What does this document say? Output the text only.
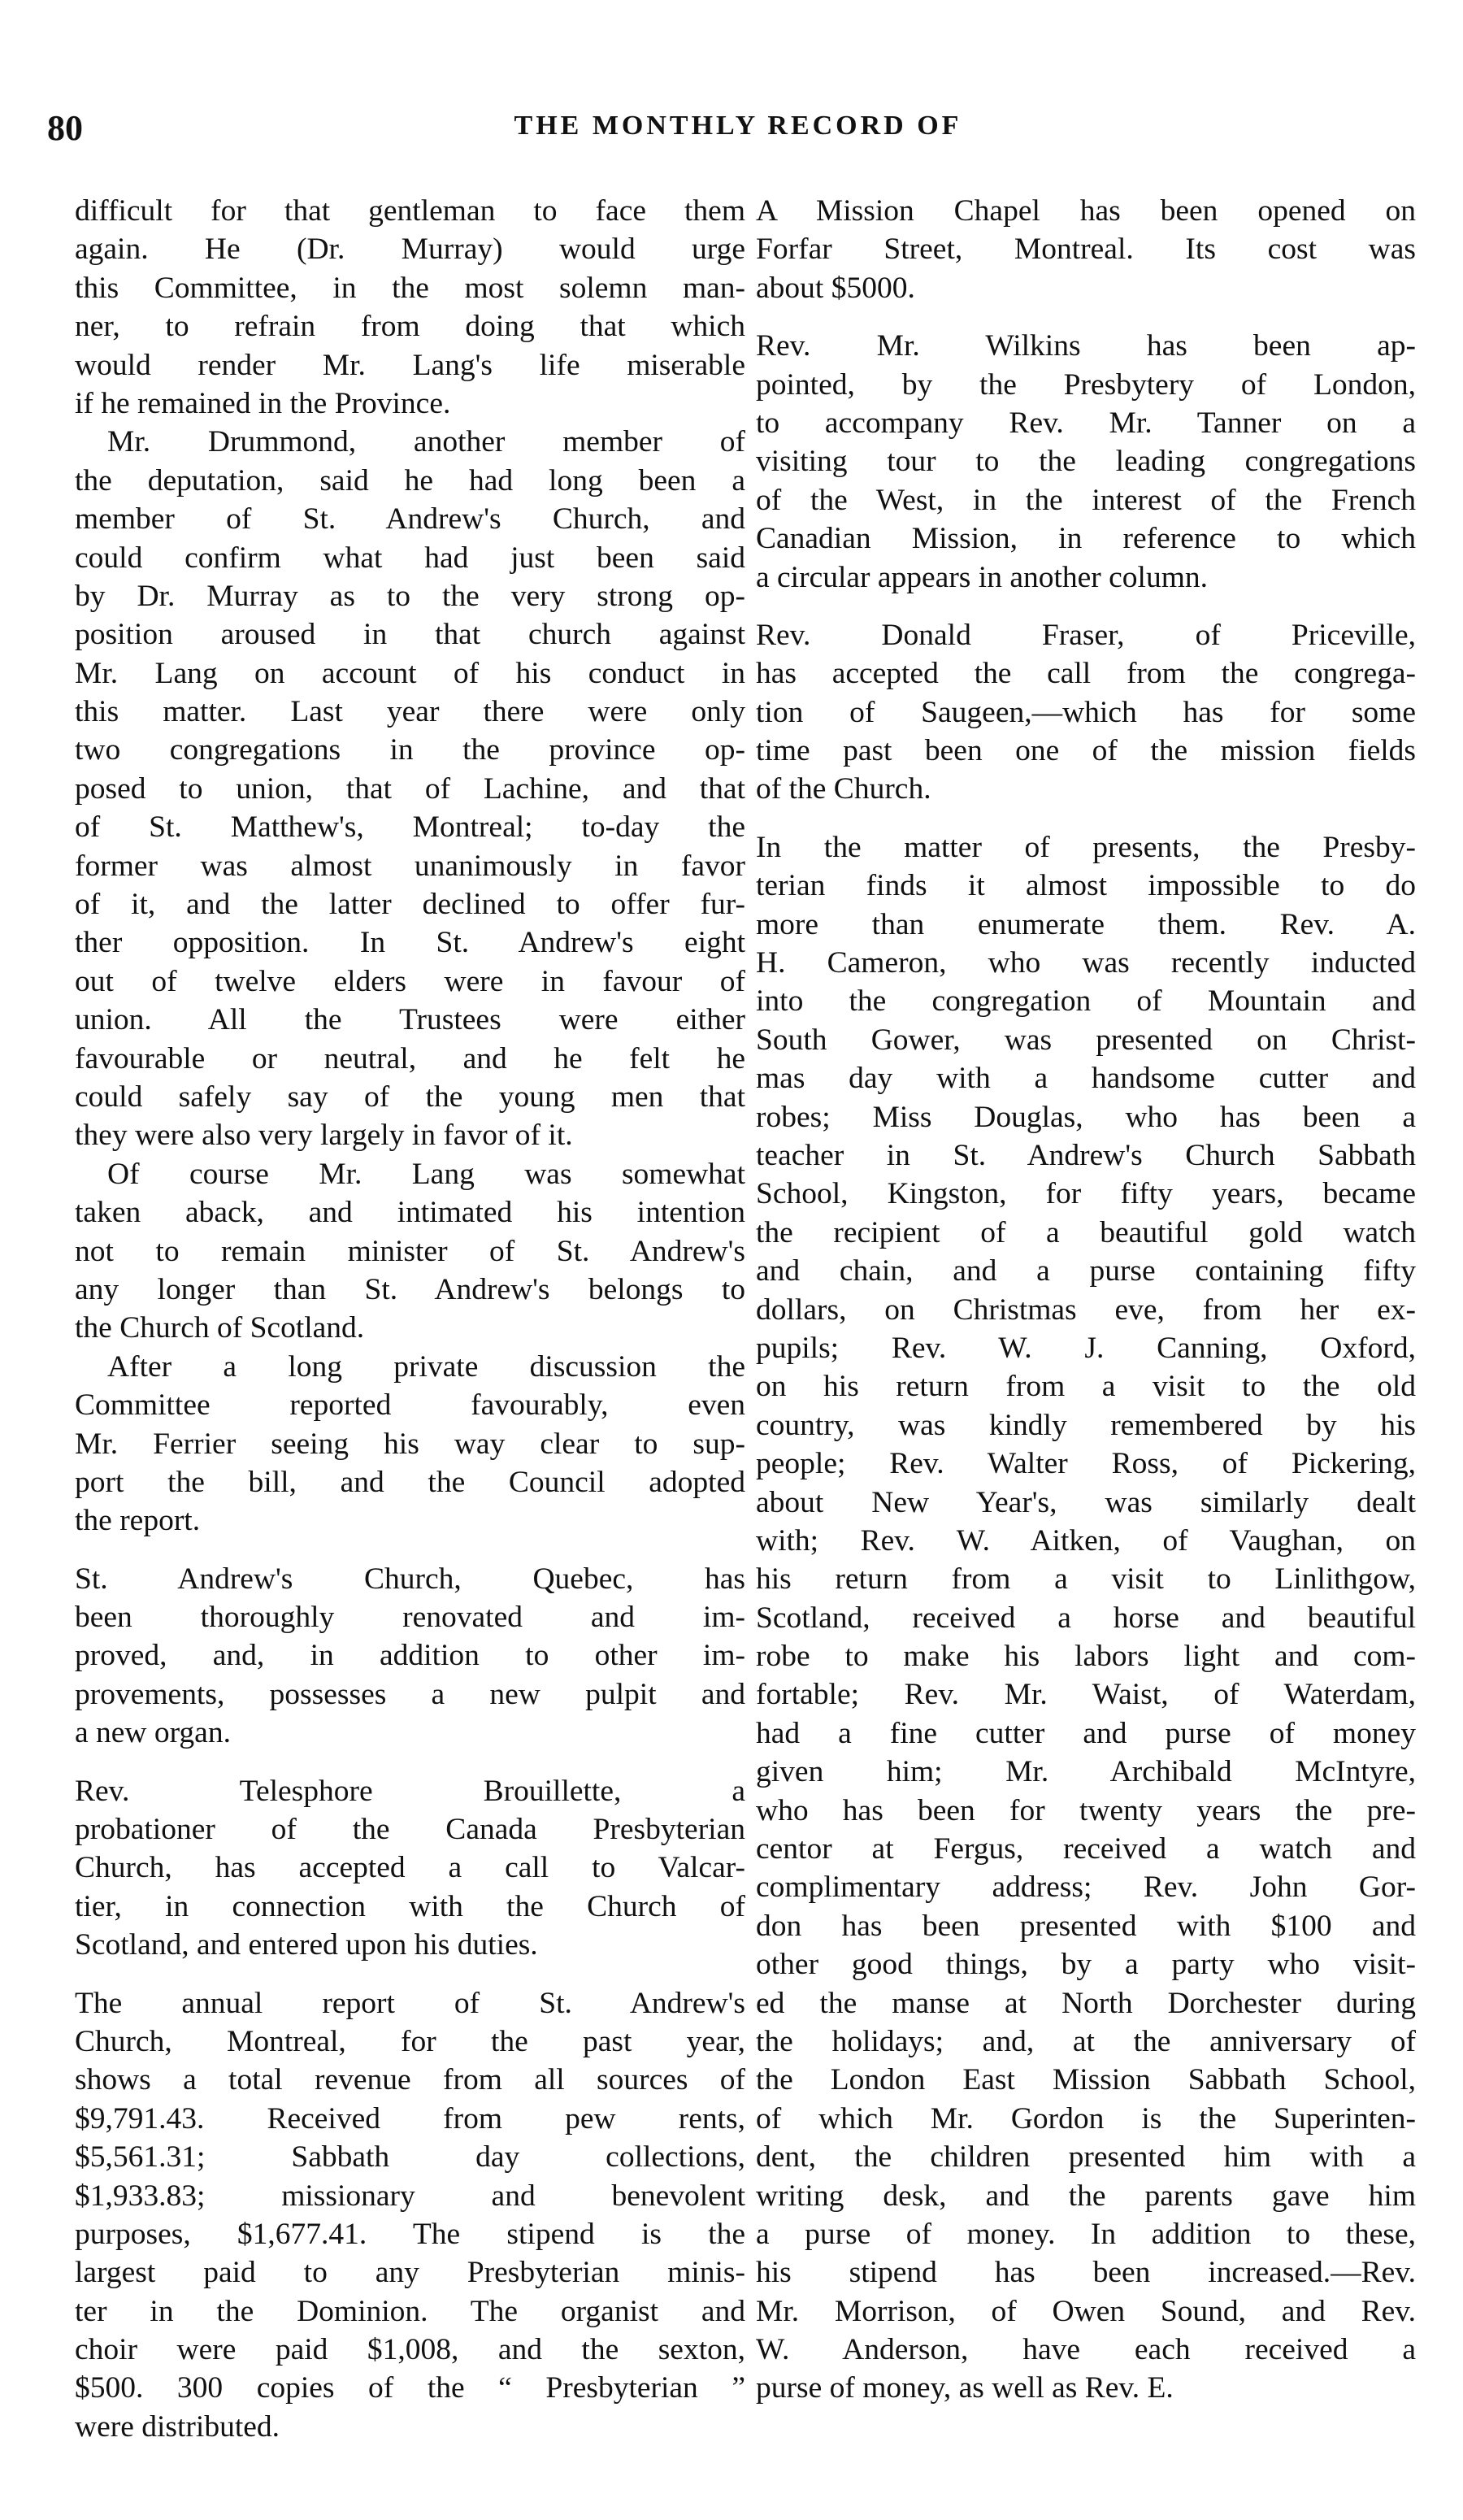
80	THE MONTHLY RECORD OF
difficult for that gentleman to face them
again. He (Dr. Murray) would urge
this Committee, in the most solemn man-
ner, to refrain from doing that which
would render Mr. Lang's life miserable
if he remained in the Province.
Mr. Drummond, another member of
the deputation, said he had long been a
member of St. Andrew's Church, and
could confirm what had just been said
by Dr. Murray as to the very strong op-
position aroused in that church against
Mr. Lang on account of his conduct in
this matter. Last year there were only
two congregations in the province op-
posed to union, that of Lachine, and that
of St. Matthew's, Montreal; to-day the
former was almost unanimously in favor
of it, and the latter declined to offer fur-
ther opposition. In St. Andrew's eight
out of twelve elders were in favour of
union. All the Trustees were either
favourable or neutral, and he felt he
could safely say of the young men that
they were also very largely in favor of it.
Of course Mr. Lang was somewhat
taken aback, and intimated his intention
not to remain minister of St. Andrew's
any longer than St. Andrew's belongs to
the Church of Scotland.
After a long private discussion the
Committee reported favourably, even
Mr. Ferrier seeing his way clear to sup-
port the bill, and the Council adopted
the report.
St. Andrew's Church, Quebec, has
been thoroughly renovated and im-
proved, and, in addition to other im-
provements, possesses a new pulpit and
a new organ.
Rev. Telesphore Brouillette, a
probationer of the Canada Presbyterian
Church, has accepted a call to Valcar-
tier, in connection with the Church of
Scotland, and entered upon his duties.
The annual report of St. Andrew's
Church, Montreal, for the past year,
shows a total revenue from all sources of
$9,791.43. Received from pew rents,
$5,561.31; Sabbath day collections,
$1,933.83; missionary and benevolent
purposes, $1,677.41. The stipend is the
largest paid to any Presbyterian minis-
ter in the Dominion. The organist and
choir were paid $1,008, and the sexton,
$500. 300 copies of the “ Presbyterian ”
were distributed.
A Mission Chapel has been opened on
Forfar Street, Montreal. Its cost was
about $5000.
Rev. Mr. Wilkins has been ap-
pointed, by the Presbytery of London,
to accompany Rev. Mr. Tanner on a
visiting tour to the leading congregations
of the West, in the interest of the French
Canadian Mission, in reference to which
a circular appears in another column.
Rev. Donald Fraser, of Priceville,
has accepted the call from the congrega-
tion of Saugeen,—which has for some
time past been one of the mission fields
of the Church.
In the matter of presents, the Presby-
terian finds it almost impossible to do
more than enumerate them. Rev. A.
H. Cameron, who was recently inducted
into the congregation of Mountain and
South Gower, was presented on Christ-
mas day with a handsome cutter and
robes; Miss Douglas, who has been a
teacher in St. Andrew's Church Sabbath
School, Kingston, for fifty years, became
the recipient of a beautiful gold watch
and chain, and a purse containing fifty
dollars, on Christmas eve, from her ex-
pupils; Rev. W. J. Canning, Oxford,
on his return from a visit to the old
country, was kindly remembered by his
people; Rev. Walter Ross, of Pickering,
about New Year's, was similarly dealt
with; Rev. W. Aitken, of Vaughan, on
his return from a visit to Linlithgow,
Scotland, received a horse and beautiful
robe to make his labors light and com-
fortable; Rev. Mr. Waist, of Waterdam,
had a fine cutter and purse of money
given him; Mr. Archibald McIntyre,
who has been for twenty years the pre-
centor at Fergus, received a watch and
complimentary address; Rev. John Gor-
don has been presented with $100 and
other good things, by a party who visit-
ed the manse at North Dorchester during
the holidays; and, at the anniversary of
the London East Mission Sabbath School,
of which Mr. Gordon is the Superinten-
dent, the children presented him with a
writing desk, and the parents gave him
a purse of money. In addition to these,
his stipend has been increased.—Rev.
Mr. Morrison, of Owen Sound, and Rev.
W. Anderson, have each received a
purse of money, as well as Rev. E.
